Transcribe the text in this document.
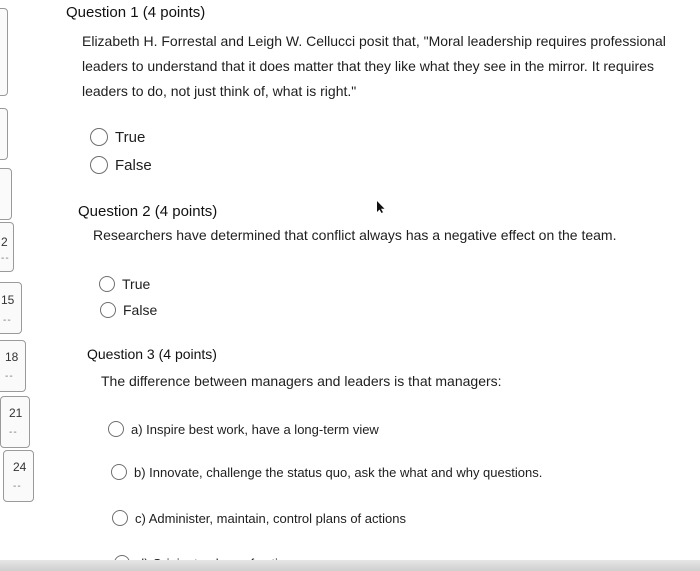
2
--
15
--
18
--
21
--
24
--
Question 1 (4 points)
Elizabeth H. Forrestal and Leigh W. Cellucci posit that, "Moral leadership requires professional
leaders to understand that it does matter that they like what they see in the mirror. It requires
leaders to do, not just think of, what is right."
True
False
Question 2 (4 points)
Researchers have determined that conflict always has a negative effect on the team.
True
False
Question 3 (4 points)
The difference between managers and leaders is that managers:
a) Inspire best work, have a long-term view
b) Innovate, challenge the status quo, ask the what and why questions.
c) Administer, maintain, control plans of actions
